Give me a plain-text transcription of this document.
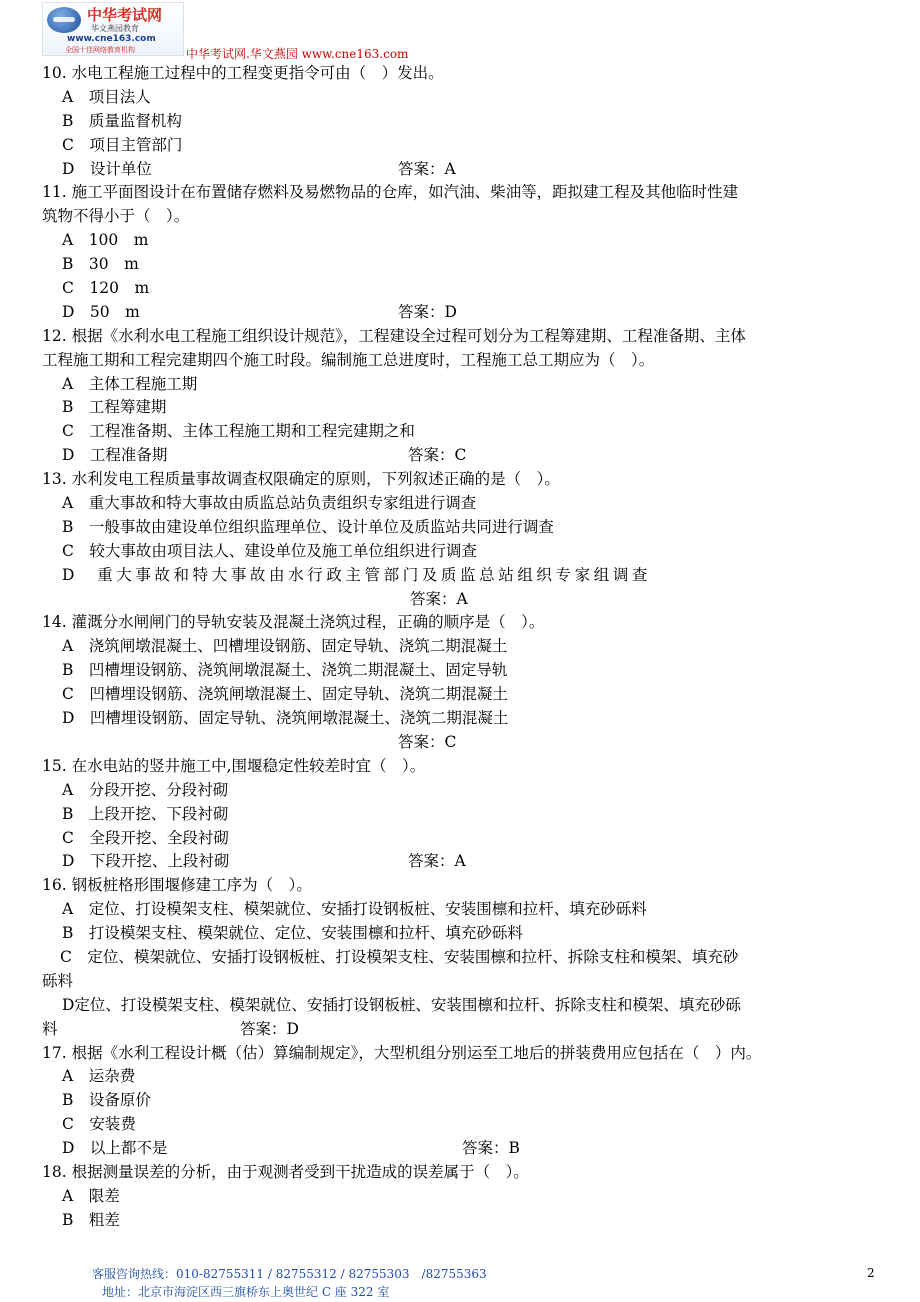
中华考试网
华文燕园教育
www.cne163.com
全国十佳网络教育机构	中华考试网.华文燕园 www.cne163.com
ww.cn
10. 水电工程施工过程中的工程变更指令可由（　）发出。
A　项目法人
B　质量监督机构
C　项目主管部门
D　设计单位	答案：A
11. 施工平面图设计在布置储存燃料及易燃物品的仓库，如汽油、柴油等，距拟建工程及其他临时性建
筑物不得小于（　）。
A　100　m
B　30　m
C　120　m
D　50　m	答案：D
12. 根据《水利水电工程施工组织设计规范》，工程建设全过程可划分为工程筹建期、工程准备期、主体
工程施工期和工程完建期四个施工时段。编制施工总进度时，工程施工总工期应为（　）。
A　主体工程施工期
B　工程筹建期
C　工程准备期、主体工程施工期和工程完建期之和
D　工程准备期	答案：C
13. 水利发电工程质量事故调查权限确定的原则，下列叙述正确的是（　）。
A　重大事故和特大事故由质监总站负责组织专家组进行调查
B　一般事故由建设单位组织监理单位、设计单位及质监站共同进行调查
C　较大事故由项目法人、建设单位及施工单位组织进行调查
D　重大事故和特大事故由水行政主管部门及质监总站组织专家组调查
答案：A
14. 灌溉分水闸闸门的导轨安装及混凝土浇筑过程，正确的顺序是（　）。
A　浇筑闸墩混凝土、凹槽埋设钢筋、固定导轨、浇筑二期混凝土
B　凹槽埋设钢筋、浇筑闸墩混凝土、浇筑二期混凝土、固定导轨
C　凹槽埋设钢筋、浇筑闸墩混凝土、固定导轨、浇筑二期混凝土
D　凹槽埋设钢筋、固定导轨、浇筑闸墩混凝土、浇筑二期混凝土
答案：C
15. 在水电站的竖井施工中,围堰稳定性较差时宜（　）。
A　分段开挖、分段衬砌
B　上段开挖、下段衬砌
C　全段开挖、全段衬砌
D　下段开挖、上段衬砌	答案：A
16. 钢板桩格形围堰修建工序为（　）。
A　定位、打设模架支柱、模架就位、安插打设钢板桩、安装围檩和拉杆、填充砂砾料
B　打设模架支柱、模架就位、定位、安装围檩和拉杆、填充砂砾料
C　定位、模架就位、安插打设钢板桩、打设模架支柱、安装围檩和拉杆、拆除支柱和模架、填充砂
砾料
D定位、打设模架支柱、模架就位、安插打设钢板桩、安装围檩和拉杆、拆除支柱和模架、填充砂砾
料	答案：D
17. 根据《水利工程设计概（估）算编制规定》，大型机组分别运至工地后的拼装费用应包括在（　）内。
A　运杂费
B　设备原价
C　安装费
D　以上都不是	答案：B
18. 根据测量误差的分析，由于观测者受到干扰造成的误差属于（　）。
A　限差
B　粗差
客服咨询热线：010-82755311 / 82755312 / 82755303　/82755363
地址：北京市海淀区西三旗桥东上奥世纪 C 座 322 室
2
